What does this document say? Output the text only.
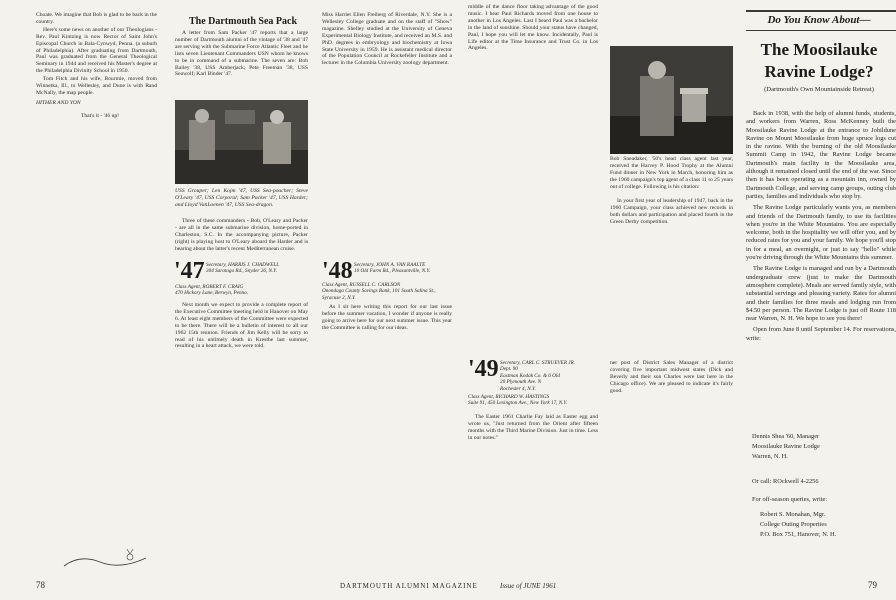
Choate. We imagine that Bob is glad to be back in the country.

Here's some news on another of our Theologians - Rev. Paul Kintzing is now Rector of Saint John's Episcopal Church in Bala-Cynwyd, Penna. (a suburb of Philadelphia). After graduating from Dartmouth, Paul was graduated from the General Theological Seminary in 1944 and received his Master's degree at the Philadelphia Divinity School in 1950.

Tom Fitch and his wife, Bourmie, moved from Winnetka, Ill., to Wellesley, and Dune is with Rand McNally, the map people.

HITHER AND YON

That's it - '46 up!

The Dartmouth Sea Pack

A letter from Sam Packer '47 reports that a large number of Dartmouth alumni of the vintage of '38 and '47 are serving with the Submarine Force Atlantic Fleet and he lists seven Lieutenant Commanders USN whom he knows to be in command of a submarine. The seven are: Bob Bailey '38, USS Amberjack; Pete Freeman '38, USS Seawolf; Karl Binder '47.

USS Grouper; Len Kojm '47, USS Sea-poacher; Steve O'Leary '47, USS Corporal; Sam Packer '47, USS Harder; and Lloyd VanLoenen '47, USS Sea-dragon.

Three of these commanders - Bob, O'Leary and Packer - are all in the same submarine division, home-ported in Charleston, S.C. In the accompanying picture, Packer (right) is playing host to O'Leary aboard the Harder and is hearing about the latter's recent Mediterranean cruise.

'47 Secretary, HARRIS J. CHADWELL
304 Saratoga Rd., Snyder 26, N.Y.
Class Agent, ROBERT F. CRAIG
470 Hickory Lane, Berwyn, Penna.

Next month we expect to provide a complete report of the Executive Committee meeting held in Hanover on May 6. At least eight members of the Committee were expected to be there. There will be a bulletin of interest to all our 1962 15th reunion. Friends of Jim Kelly will be sorry to read of his untimely death in Kresthe last summer, resulting in a heart attack, we were told.

Miss Harriet Ellen Freiberg of Riverdale, N.Y. She is a Wellesley College graduate and on the staff of "Show" magazine. Shelley studied at the University of Geneva Experimental Biology Institute, and received an M.S. and PhD. degrees in embryology and biochemistry at Iowa State University in 1959. He is assistant medical director of the Population Council at Rockefeller Institute and a lecturer in the Columbia University zoology department.

'48 Secretary, JOHN A. VAN RAALTE
10 Old Farm Rd., Pleasantville, N.Y.
Class Agent, RUSSELL C. CARLSON
Onondaga County Savings Bank, 101 South Salina St., Syracuse 2, N.Y.

As I sit here writing this report for our last issue before the summer vacation, I wonder if anyone is really going to arrive here for our next summer issue. This year the Committee is calling for our ideas.

middle of the dance floor taking advantage of the good music. I hear Paul Richards moved from one house to another in Los Angeles. Last I heard Paul was a bachelor in the land of sunshine. Should your status have changed, Paul, I hope you will let me know. Incidentally, Paul is Life editor at the Time Insurance and Trust Co. in Los Angeles.

'49 Secretary, CARL C. STRUEVER JR.
Dept. 90
Eastman Kodak Co. & 6 Old
20 Plymouth Ave. N
Rochester 4, N.Y.
Class Agent, RICHARD W. HASTINGS
Suite 91, 450 Lexington Ave., New York 17, N.Y.

The Easter 1961 Charlie Fay laid as Easter egg and wrote us, "Just returned from the Orient after fifteen months with the Third Marine Division. Just in time. Less in our notes."

Bob Sneadaker, '50's head class agent last year, received the Harvey P. Hood Trophy at the Alumni Fund dinner in New York in March, honoring him as the 1960 campaign's top agent of a class 11 to 25 years out of college. Following is his citation:

In your first year of leadership of 1947, back in the 1960 Campaign, your class achieved new records in both dollars and participation and placed fourth in the Green Derby competition.

ner post of District Sales Manager of a district covering five important midwest states (Dick and Beverly and their son Charles were last here in the Chicago office). We are pleased to indicate it's fairly good.

Do You Know About—
The Moosilauke
Ravine Lodge?
(Dartmouth's Own Mountainside Retreat)

Back in 1938, with the help of alumni funds, students, and workers from Warren, Ross McKenney built the Moosilauke Ravine Lodge at the entrance to Jobildune Ravine on Mount Moosilauke from huge spruce logs cut in the ravine. With the burning of the old Moosilauke Summit Camp in 1942, the Ravine Lodge became Dartmouth's main facility in the Moosilauke area, although it remained closed until the end of the war. Since then it has been operating as a mountain inn, owned by Dartmouth College, and serving camp groups, outing club parties, families and individuals who stop by.

The Ravine Lodge particularly wants you, as members and friends of the Dartmouth family, to use its facilities when you're in the White Mountains. You are especially welcome, both in the hospitality we will offer you, and by reduced rates for you and your family. We hope you'll stop in for a meal, an overnight, or just to say "hello" while you're driving through the White Mountains this summer.

The Ravine Lodge is managed and run by a Dartmouth undergraduate crew (just to make the Dartmouth atmosphere complete). Meals are served family style, with substantial servings and pleasing variety. Rates for alumni and their families for three meals and lodging run from $4.50 per person. The Ravine Lodge is just off Route 118 near Warren, N. H. We hope to see you there!

Open from June 8 until September 14. For reservations, write:

Dennis Shea '60, Manager
Moosilauke Ravine Lodge
Warren, N. H.
Or call: ROckwell 4-2256
For off-season queries, write:
Robert S. Monahan, Mgr.
College Outing Properties
P.O. Box 751, Hanover, N. H.
78	DARTMOUTH ALUMNI MAGAZINE	Issue of JUNE 1961	79
